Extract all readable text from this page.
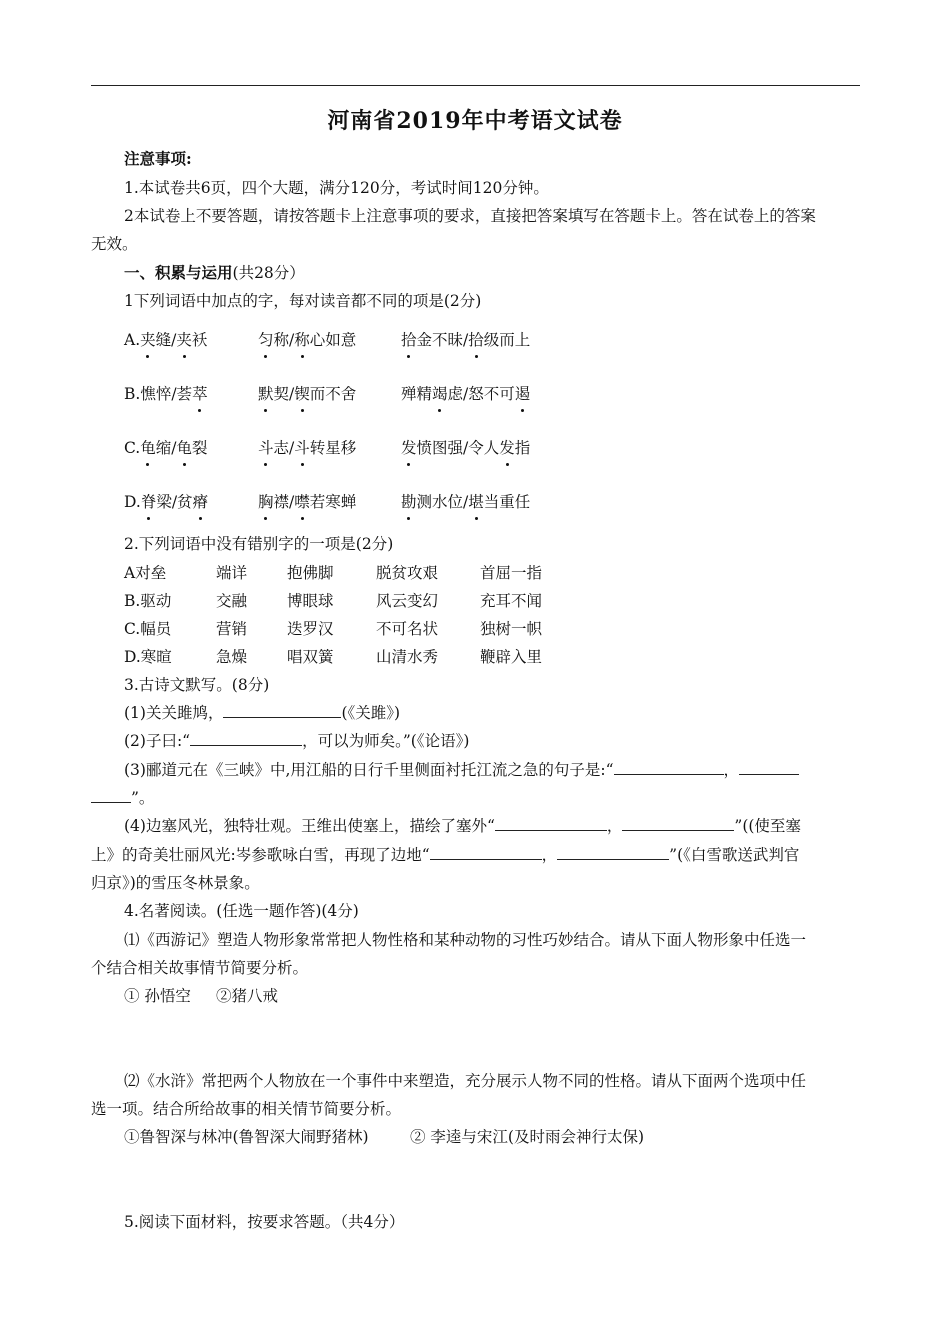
河南省2019年中考语文试卷
注意事项:
1.本试卷共6页，四个大题，满分120分，考试时间120分钟。
2本试卷上不要答题，请按答题卡上注意事项的要求，直接把答案填写在答题卡上。答在试卷上的答案
无效。
一、积累与运用(共28分）
1下列词语中加点的字，每对读音都不同的项是(2分)
A.夹缝/夹袄	匀称/称心如意	拾金不昧/拾级而上
B.憔悴/荟萃	默契/锲而不舍	殚精竭虑/怒不可遏
C.龟缩/龟裂	斗志/斗转星移	发愤图强/令人发指
D.脊梁/贫瘠	胸襟/噤若寒蝉	勘测水位/堪当重任
2.下列词语中没有错别字的一项是(2分)
A对垒	端详	抱佛脚	脱贫攻艰	首屈一指
B.驱动	交融	博眼球	风云变幻	充耳不闻
C.幅员	营销	迭罗汉	不可名状	独树一帜
D.寒暄	急燥	唱双簧	山清水秀	鞭辟入里
3.古诗文默写。(8分)
(1)关关雎鸠，	(《关雎》)
(2)子曰:“	，可以为师矣。”(《论语》)
(3)郦道元在《三峡》中,用江船的日行千里侧面衬托江流之急的句子是:“	，
”。
(4)边塞风光，独特壮观。王维出使塞上，描绘了塞外“	，	”((使至塞
上》的奇美壮丽风光:岑参歌咏白雪，再现了边地“	，	”(《白雪歌送武判官
归京》)的雪压冬林景象。
4.名著阅读。(任选一题作答)(4分)
⑴《西游记》塑造人物形象常常把人物性格和某种动物的习性巧妙结合。请从下面人物形象中任选一
个结合相关故事情节简要分析。
① 孙悟空 ②猪八戒
⑵《水浒》常把两个人物放在一个事件中来塑造，充分展示人物不同的性格。请从下面两个选项中任
选一项。结合所给故事的相关情节简要分析。
①鲁智深与林冲(鲁智深大闹野猪林)	② 李逵与宋江(及时雨会神行太保)
5.阅读下面材料，按要求答题。（共4分）
